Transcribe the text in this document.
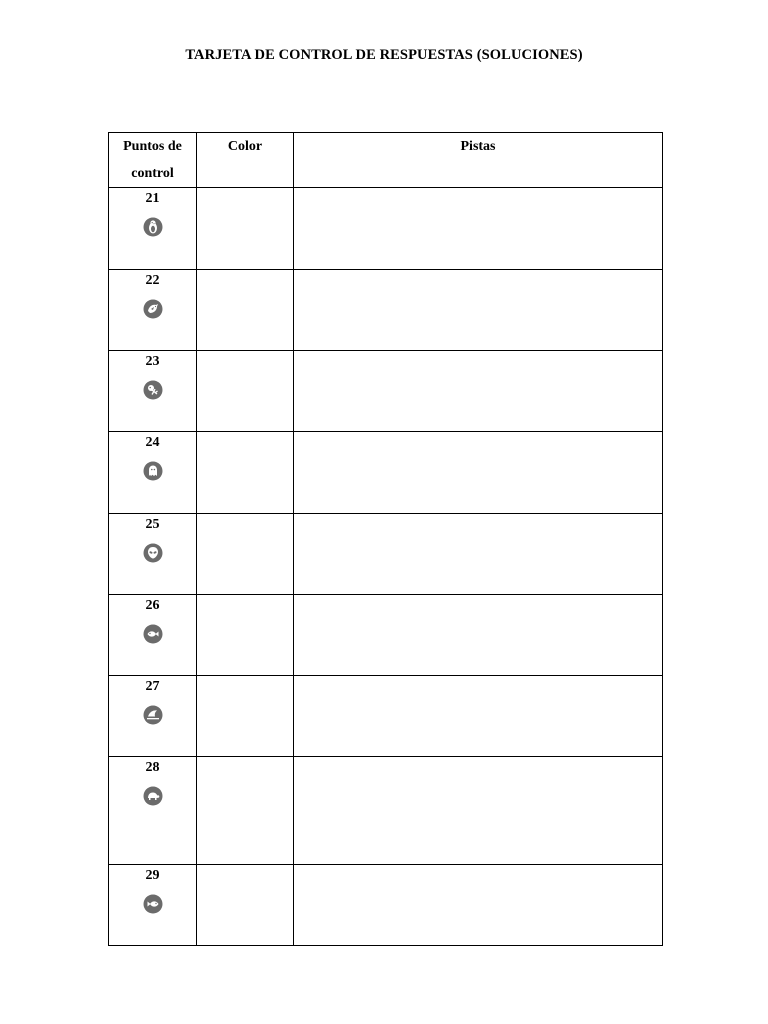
TARJETA DE CONTROL DE RESPUESTAS (SOLUCIONES)
Puntos de control	Color	Pistas

21		

22		

23		

24		

25		

26		

27		

28		

29		
